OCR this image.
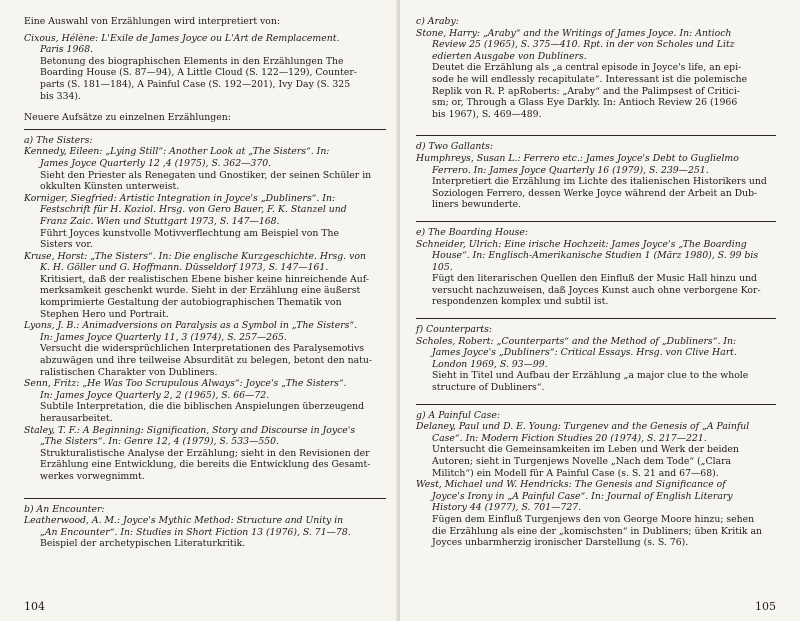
Eine Auswahl von Erzählungen wird interpretiert von:
Cixous, Hélène: L'Exile de James Joyce ou L'Art de Remplacement.
Paris 1968.
Betonung des biographischen Elements in den Erzählungen The
Boarding House (S. 87—94), A Little Cloud (S. 122—129), Counter-
parts (S. 181—184), A Painful Case (S. 192—201), Ivy Day (S. 325
bis 334).
Neuere Aufsätze zu einzelnen Erzählungen:
a) The Sisters:
Kennedy, Eileen: „Lying Still“: Another Look at „The Sisters“. In:
James Joyce Quarterly 12 ,4 (1975), S. 362—370.
Sieht den Priester als Renegaten und Gnostiker, der seinen Schüler in
okkulten Künsten unterweist.
Korniger, Siegfried: Artistic Integration in Joyce's „Dubliners“. In:
Festschrift für H. Koziol. Hrsg. von Gero Bauer, F. K. Stanzel und
Franz Zaic. Wien und Stuttgart 1973, S. 147—168.
Führt Joyces kunstvolle Motivverflechtung am Beispiel von The
Sisters vor.
Kruse, Horst: „The Sisters“. In: Die englische Kurzgeschichte. Hrsg. von
K. H. Göller und G. Hoffmann. Düsseldorf 1973, S. 147—161.
Kritisiert, daß der realistischen Ebene bisher keine hinreichende Auf-
merksamkeit geschenkt wurde. Sieht in der Erzählung eine äußerst
komprimierte Gestaltung der autobiographischen Thematik von
Stephen Hero und Portrait.
Lyons, J. B.: Animadversions on Paralysis as a Symbol in „The Sisters“.
In: James Joyce Quarterly 11, 3 (1974), S. 257—265.
Versucht die widersprüchlichen Interpretationen des Paralysemotivs
abzuwägen und ihre teilweise Absurdität zu belegen, betont den natu-
ralistischen Charakter von Dubliners.
Senn, Fritz: „He Was Too Scrupulous Always“: Joyce's „The Sisters“.
In: James Joyce Quarterly 2, 2 (1965), S. 66—72.
Subtile Interpretation, die die biblischen Anspielungen überzeugend
herausarbeitet.
Staley, T. F.: A Beginning: Signification, Story and Discourse in Joyce's
„The Sisters“. In: Genre 12, 4 (1979), S. 533—550.
Strukturalistische Analyse der Erzählung; sieht in den Revisionen der
Erzählung eine Entwicklung, die bereits die Entwicklung des Gesamt-
werkes vorwegnimmt.
b) An Encounter:
Leatherwood, A. M.: Joyce's Mythic Method: Structure and Unity in
„An Encounter“. In: Studies in Short Fiction 13 (1976), S. 71—78.
Beispiel der archetypischen Literaturkritik.
104
c) Araby:
Stone, Harry: „Araby“ and the Writings of James Joyce. In: Antioch
Review 25 (1965), S. 375—410. Rpt. in der von Scholes und Litz
edierten Ausgabe von Dubliners.
Deutet die Erzählung als „a central episode in Joyce's life, an epi-
sode he will endlessly recapitulate“. Interessant ist die polemische
Replik von R. P. apRoberts: „Araby“ and the Palimpsest of Critici-
sm; or, Through a Glass Eye Darkly. In: Antioch Review 26 (1966
bis 1967), S. 469—489.
d) Two Gallants:
Humphreys, Susan L.: Ferrero etc.: James Joyce's Debt to Guglielmo
Ferrero. In: James Joyce Quarterly 16 (1979), S. 239—251.
Interpretiert die Erzählung im Lichte des italienischen Historikers und
Soziologen Ferrero, dessen Werke Joyce während der Arbeit an Dub-
liners bewunderte.
e) The Boarding House:
Schneider, Ulrich: Eine irische Hochzeit: James Joyce's „The Boarding
House“. In: Englisch-Amerikanische Studien 1 (März 1980), S. 99 bis
105.
Fügt den literarischen Quellen den Einfluß der Music Hall hinzu und
versucht nachzuweisen, daß Joyces Kunst auch ohne verborgene Kor-
respondenzen komplex und subtil ist.
f) Counterparts:
Scholes, Robert: „Counterparts“ and the Method of „Dubliners“. In:
James Joyce's „Dubliners“: Critical Essays. Hrsg. von Clive Hart.
London 1969, S. 93—99.
Sieht in Titel und Aufbau der Erzählung „a major clue to the whole
structure of Dubliners“.
g) A Painful Case:
Delaney, Paul und D. E. Young: Turgenev and the Genesis of „A Painful
Case“. In: Modern Fiction Studies 20 (1974), S. 217—221.
Untersucht die Gemeinsamkeiten im Leben und Werk der beiden
Autoren; sieht in Turgenjews Novelle „Nach dem Tode“ („Clara
Militch“) ein Modell für A Painful Case (s. S. 21 and 67—68).
West, Michael und W. Hendricks: The Genesis and Significance of
Joyce's Irony in „A Painful Case“. In: Journal of English Literary
History 44 (1977), S. 701—727.
Fügen dem Einfluß Turgenjews den von George Moore hinzu; sehen
die Erzählung als eine der „komischsten“ in Dubliners; üben Kritik an
Joyces unbarmherzig ironischer Darstellung (s. S. 76).
105
